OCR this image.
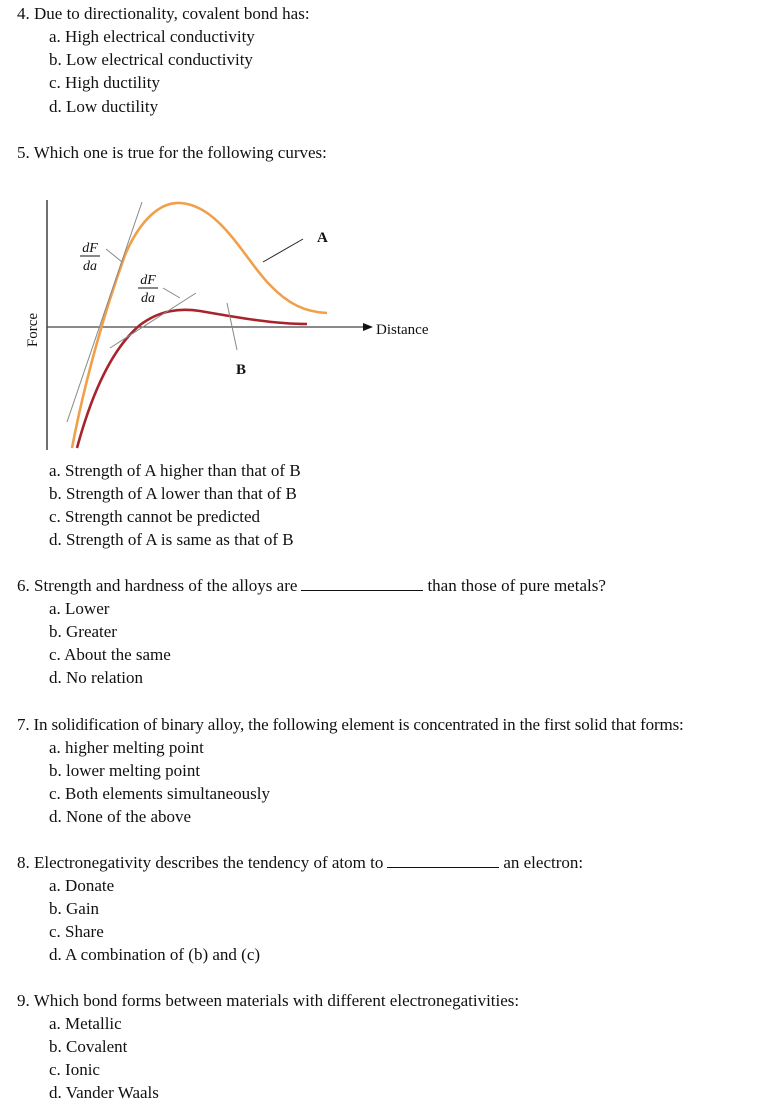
4. Due to directionality, covalent bond has:
a. High electrical conductivity
b. Low electrical conductivity
c. High ductility
d. Low ductility
5. Which one is true for the following curves:
Distance
Force
A
B
dF
da
dF
da
a. Strength of A higher than that of B
b. Strength of A lower than that of B
c. Strength cannot be predicted
d. Strength of A is same as that of B
6. Strength and hardness of the alloys are	than those of pure metals?
a. Lower
b. Greater
c. About the same
d. No relation
7. In solidification of binary alloy, the following element is concentrated in the first solid that forms:
a. higher melting point
b. lower melting point
c. Both elements simultaneously
d. None of the above
8. Electronegativity describes the tendency of atom to	an electron:
a. Donate
b. Gain
c. Share
d. A combination of (b) and (c)
9. Which bond forms between materials with different electronegativities:
a. Metallic
b. Covalent
c. Ionic
d. Vander Waals
